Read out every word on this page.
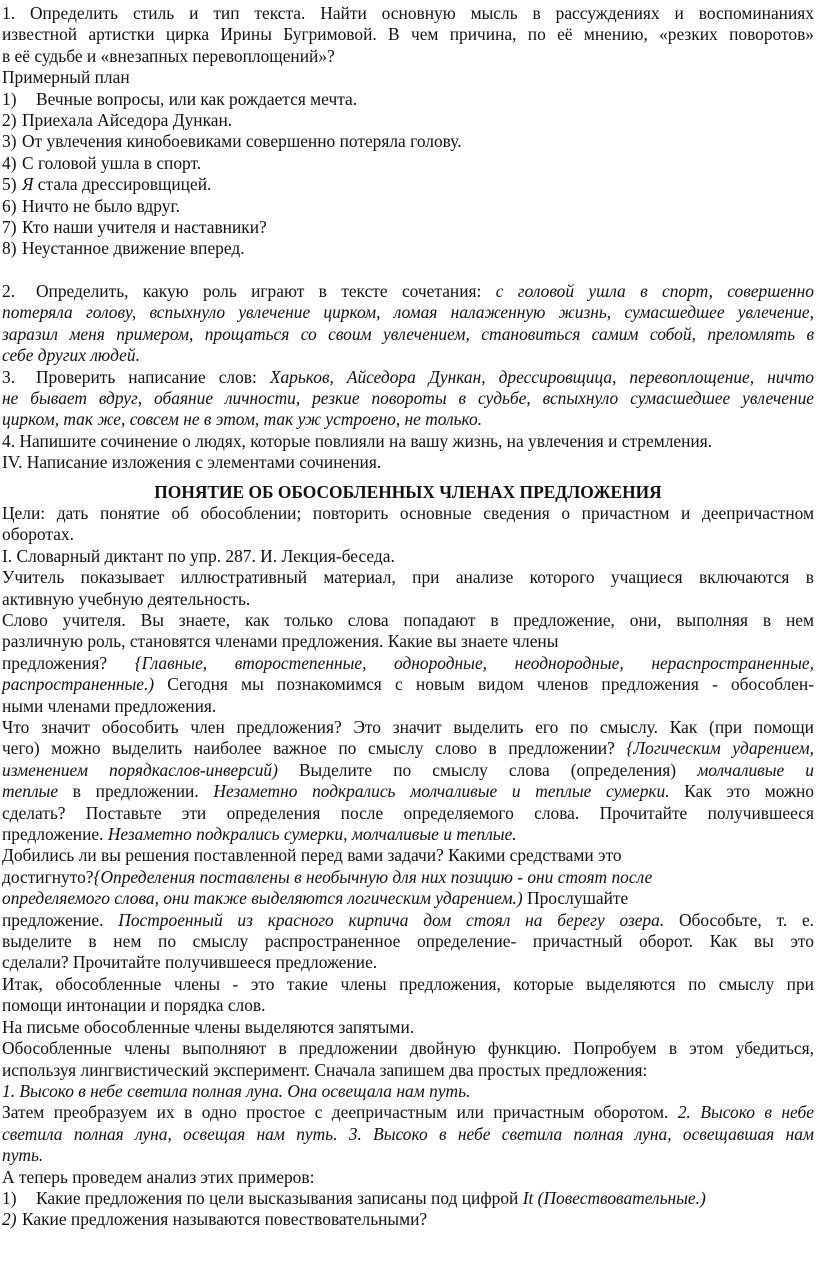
1. Определить стиль и тип текста. Найти основную мысль в рассуждениях и воспоминаниях
известной артистки цирка Ирины Бугримовой. В чем причина, по её мнению, «резких поворотов»
в её судьбе и «внезапных перевоплощений»?
Примерный план
1) Вечные вопросы, или как рождается мечта.
2) Приехала Айседора Дункан.
3) От увлечения кинобоевиками совершенно потеряла голову.
4) С головой ушла в спорт.
5) Я стала дрессировщицей.
6) Ничто не было вдруг.
7) Кто наши учителя и наставники?
8) Неустанное движение вперед.
2. Определить, какую роль играют в тексте сочетания: с головой ушла в спорт, совершенно
потеряла голову, вспыхнуло увлечение цирком, ломая налаженную жизнь, сумасшедшее увлечение,
заразил меня примером, прощаться со своим увлечением, становиться самим собой, преломлять в
себе других людей.
3. Проверить написание слов: Харьков, Айседора Дункан, дрессировщица, перевоплощение, ничто
не бывает вдруг, обаяние личности, резкие повороты в судьбе, вспыхнуло сумасшедшее увлечение
цирком, так же, совсем не в этом, так уж устроено, не только.
4. Напишите сочинение о людях, которые повлияли на вашу жизнь, на увлечения и стремления.
IV. Написание изложения с элементами сочинения.
ПОНЯТИЕ ОБ ОБОСОБЛЕННЫХ ЧЛЕНАХ ПРЕДЛОЖЕНИЯ
Цели: дать понятие об обособлении; повторить основные сведения о причастном и деепричастном
оборотах.
I. Словарный диктант по упр. 287. И. Лекция-беседа.
Учитель показывает иллюстративный материал, при анализе которого учащиеся включаются в
активную учебную деятельность.
Слово учителя. Вы знаете, как только слова попадают в предложение, они, выполняя в нем
различную роль, становятся членами предложения. Какие вы знаете члены
предложения? {Главные, второстепенные, однородные, неоднородные, нераспространенные,
распространенные.) Сегодня мы познакомимся с новым видом членов предложения - обособлен-
ными членами предложения.
Что значит обособить член предложения? Это значит выделить его по смыслу. Как (при помощи
чего) можно выделить наиболее важное по смыслу слово в предложении? {Логическим ударением,
изменением порядкаслов-инверсий) Выделите по смыслу слова (определения) молчаливые и
теплые в предложении. Незаметно подкрались молчаливые и теплые сумерки. Как это можно
сделать? Поставьте эти определения после определяемого слова. Прочитайте получившееся
предложение. Незаметно подкрались сумерки, молчаливые и теплые.
Добились ли вы решения поставленной перед вами задачи? Какими средствами это
достигнуто?{Определения поставлены в необычную для них позицию - они стоят после
определяемого слова, они также выделяются логическим ударением.) Прослушайте
предложение. Построенный из красного кирпича дом стоял на берегу озера. Обособьте, т. е.
выделите в нем по смыслу распространенное определение- причастный оборот. Как вы это
сделали? Прочитайте получившееся предложение.
Итак, обособленные члены - это такие члены предложения, которые выделяются по смыслу при
помощи интонации и порядка слов.
На письме обособленные члены выделяются запятыми.
Обособленные члены выполняют в предложении двойную функцию. Попробуем в этом убедиться,
используя лингвистический эксперимент. Сначала запишем два простых предложения:
1. Высоко в небе светила полная луна. Она освещала нам путь.
Затем преобразуем их в одно простое с деепричастным или причастным оборотом. 2. Высоко в небе
светила полная луна, освещая нам путь. 3. Высоко в небе светила полная луна, освещавшая нам
путь.
А теперь проведем анализ этих примеров:
1) Какие предложения по цели высказывания записаны под цифрой It (Повествовательные.)
2) Какие предложения называются повествовательными?
